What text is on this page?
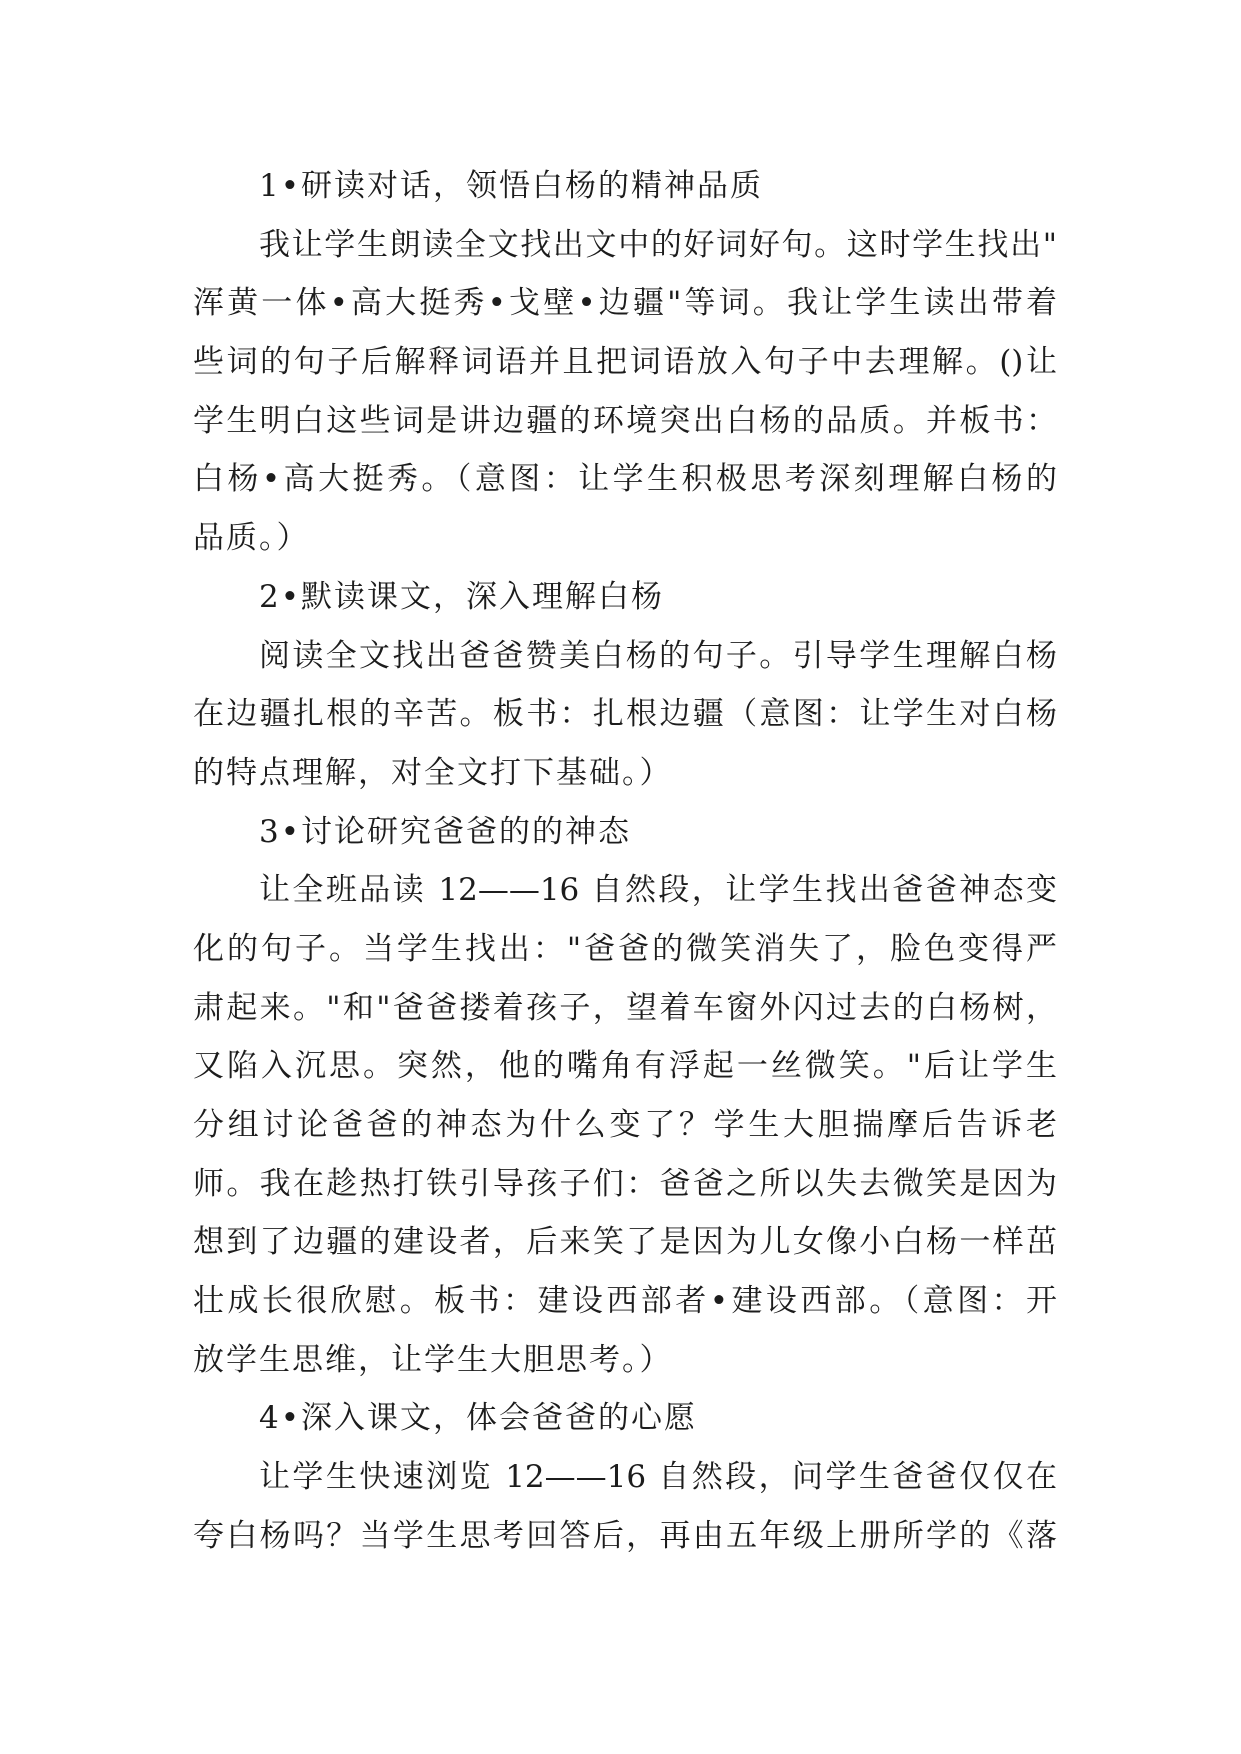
1•研读对话，领悟白杨的精神品质
我让学生朗读全文找出文中的好词好句。这时学生找出"
浑黄一体•高大挺秀•戈壁•边疆"等词。我让学生读出带着
些词的句子后解释词语并且把词语放入句子中去理解。()让
学生明白这些词是讲边疆的环境突出白杨的品质。并板书：
白杨•高大挺秀。（意图：让学生积极思考深刻理解白杨的
品质。）
2•默读课文，深入理解白杨
阅读全文找出爸爸赞美白杨的句子。引导学生理解白杨
在边疆扎根的辛苦。板书：扎根边疆（意图：让学生对白杨
的特点理解，对全文打下基础。）
3•讨论研究爸爸的的神态
让全班品读 12——16 自然段，让学生找出爸爸神态变
化的句子。当学生找出："爸爸的微笑消失了，脸色变得严
肃起来。"和"爸爸搂着孩子，望着车窗外闪过去的白杨树，
又陷入沉思。突然，他的嘴角有浮起一丝微笑。"后让学生
分组讨论爸爸的神态为什么变了？学生大胆揣摩后告诉老
师。我在趁热打铁引导孩子们：爸爸之所以失去微笑是因为
想到了边疆的建设者，后来笑了是因为儿女像小白杨一样茁
壮成长很欣慰。板书：建设西部者•建设西部。（意图：开
放学生思维，让学生大胆思考。）
4•深入课文，体会爸爸的心愿
让学生快速浏览 12——16 自然段，问学生爸爸仅仅在
夸白杨吗？当学生思考回答后，再由五年级上册所学的《落
